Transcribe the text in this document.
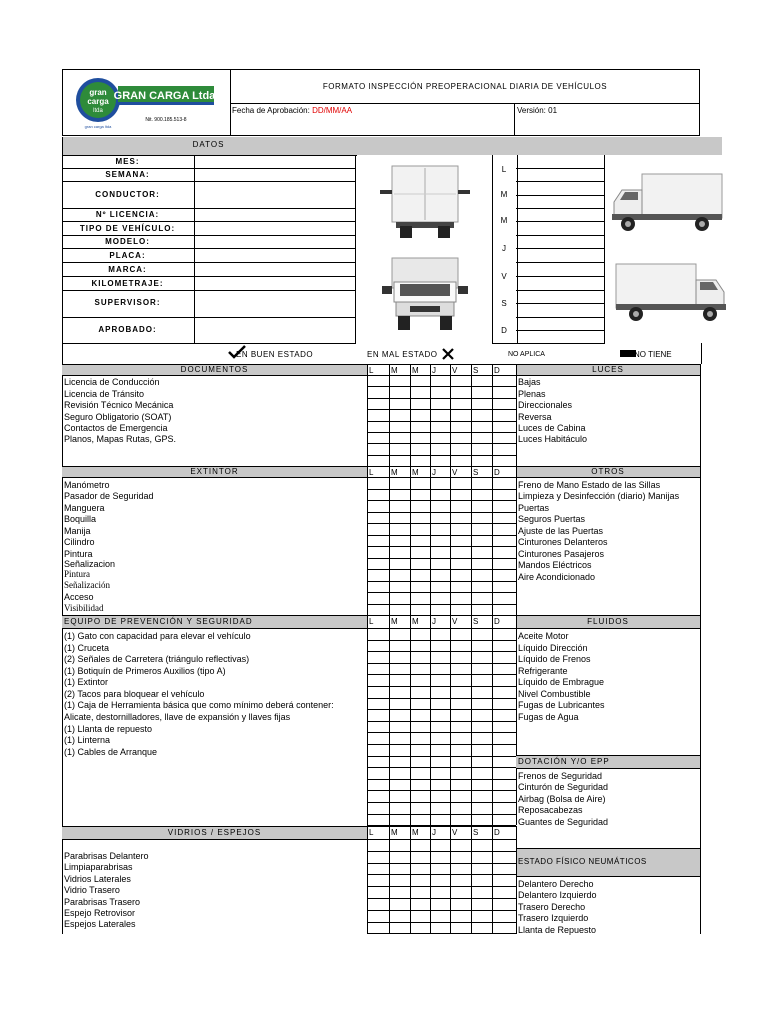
gran
carga
ltda
GRAN CARGA Ltda.
Nit. 900.185.513-8
gran carga ltda
FORMATO INSPECCIÓN PREOPERACIONAL DIARIA DE VEHÍCULOS
Fecha de Aprobación: DD/MM/AA	Versión: 01
DATOS
MES:
SEMANA:
CONDUCTOR:
Nº LICENCIA:
TIPO DE VEHÍCULO:
MODELO:
PLACA:
MARCA:
KILOMETRAJE:
SUPERVISOR:
APROBADO:
L
M
M
J
V
S
D
EN BUEN ESTADO	EN MAL ESTADO	NO APLICA	NO TIENE
L M M J V S D
L M M J V S D
L M M J V S D
L M M J V S D
DOCUMENTOS
Licencia de Conducción
Licencia de Tránsito
Revisión Técnico Mecánica
Seguro Obligatorio (SOAT)
Contactos de Emergencia
Planos, Mapas Rutas, GPS.
LUCES
Bajas
Plenas
Direccionales
Reversa
Luces de Cabina
Luces Habitáculo
EXTINTOR
Manómetro
Pasador de Seguridad
Manguera
Boquilla
Manija
Cilindro
Pintura
Señalizacion
Pintura
Señalización
Acceso
Visibilidad
OTROS
Freno de Mano Estado de las Sillas
Limpieza y Desinfección (diario) Manijas
Puertas
Seguros Puertas
Ajuste de las Puertas
Cinturones Delanteros
Cinturones Pasajeros
Mandos Eléctricos
Aire Acondicionado
EQUIPO DE PREVENCIÓN Y SEGURIDAD
(1) Gato con capacidad para elevar el vehículo
(1) Cruceta
(2) Señales de Carretera (triángulo reflectivas)
(1) Botiquín de Primeros Auxilios (tipo A)
(1) Extintor
(2) Tacos para bloquear el vehículo
(1) Caja de Herramienta básica que como mínimo deberá contener:
Alicate, destornilladores, llave de expansión y llaves fijas
(1) Llanta de repuesto
(1) Linterna
(1) Cables de Arranque
FLUIDOS
Aceite Motor
Líquido Dirección
Líquido de Frenos
Refrigerante
Líquido de Embrague
Nivel Combustible
Fugas de Lubricantes
Fugas de Agua
DOTACIÓN Y/O EPP
Frenos de Seguridad
Cinturón de Seguridad
Airbag (Bolsa de Aire)
Reposacabezas
Guantes de Seguridad
VIDRIOS / ESPEJOS
Parabrisas Delantero
Limpiaparabrisas
Vidrios Laterales
Vidrio Trasero
Parabrisas Trasero
Espejo Retrovisor
Espejos Laterales
ESTADO FÍSICO NEUMÁTICOS
Delantero Derecho
Delantero Izquierdo
Trasero Derecho
Trasero Izquierdo
Llanta de Repuesto
